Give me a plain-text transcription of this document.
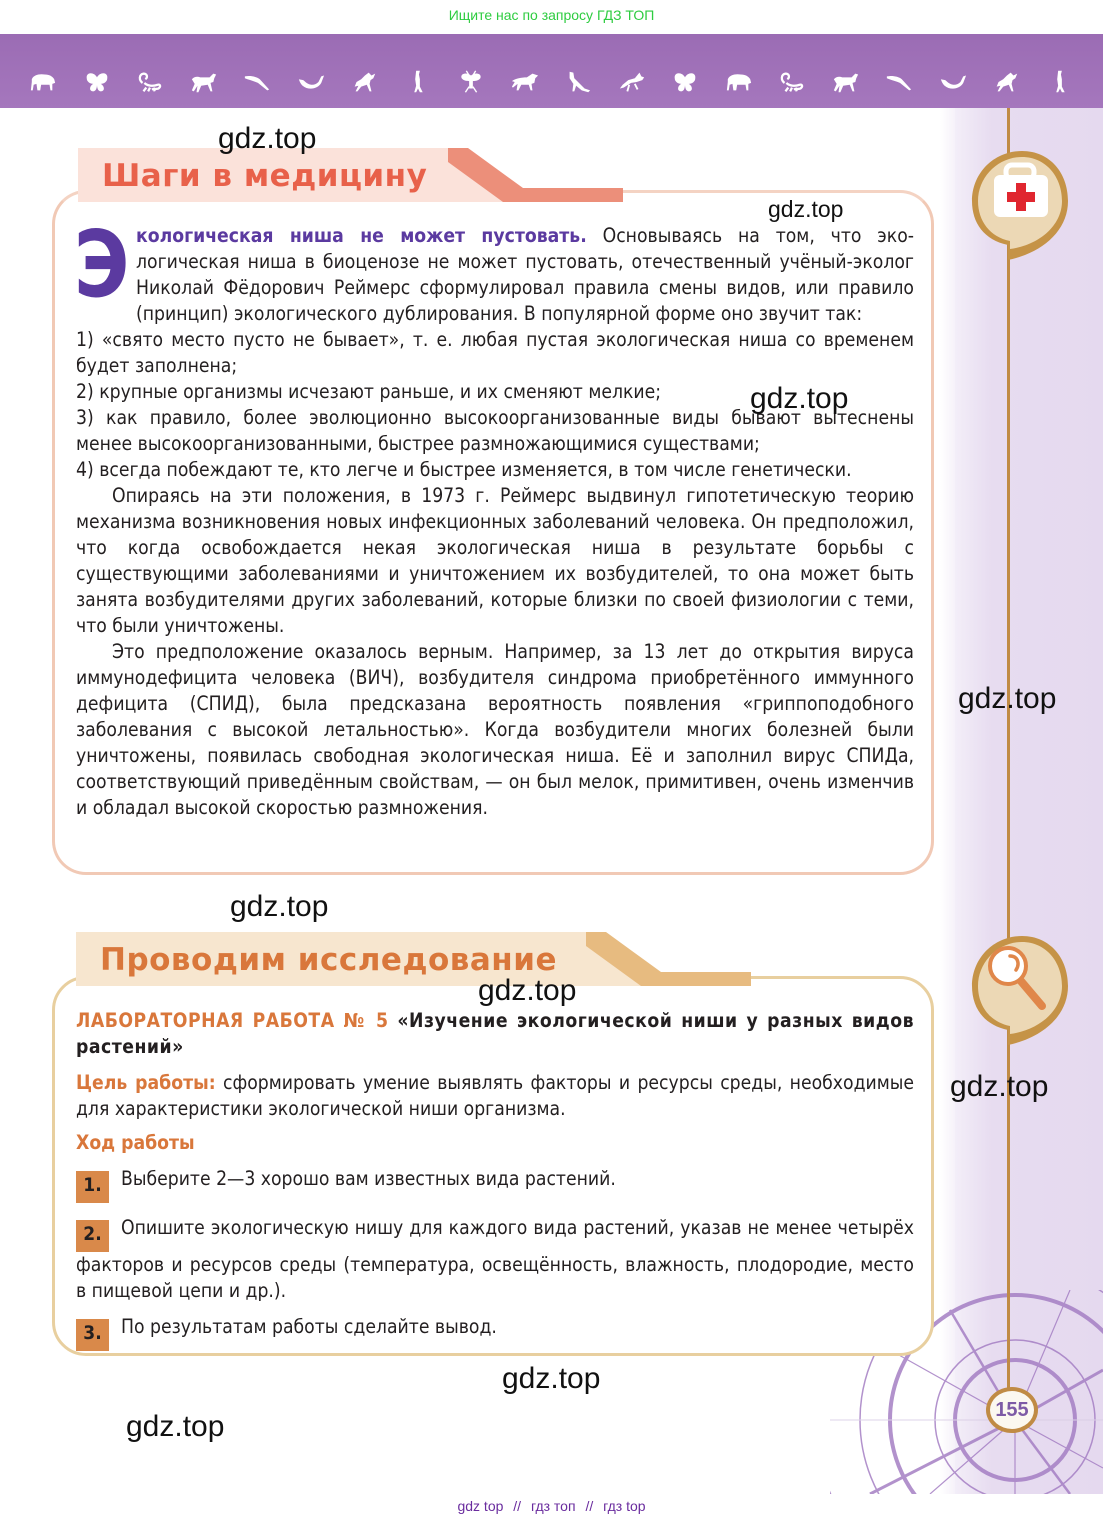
Ищите нас по запросу ГДЗ ТОП
155
Шаги в медицину
Экологическая ниша не может пустовать. Основываясь на том, что экологическая ниша в биоценозе не может пустовать, отечественный учёный-эколог Николай Фёдорович Реймерс сформулировал правила смены видов, или правило (принцип) экологического дублирования. В популярной форме оно звучит так:
1) «свято место пусто не бывает», т. е. любая пустая экологическая ниша со временем будет заполнена;
2) крупные организмы исчезают раньше, и их сменяют мелкие;
3) как правило, более эволюционно высокоорганизованные виды бывают вытеснены менее высокоорганизованными, быстрее размножающимися существами;
4) всегда побеждают те, кто легче и быстрее изменяется, в том числе генетически.
Опираясь на эти положения, в 1973 г. Реймерс выдвинул гипотетическую теорию механизма возникновения новых инфекционных заболеваний человека. Он предположил, что когда освобождается некая экологическая ниша в результате борьбы с существующими заболеваниями и уничтожением их возбудителей, то она может быть занята возбудителями других заболеваний, которые близки по своей физиологии с теми, что были уничтожены.
Это предположение оказалось верным. Например, за 13 лет до открытия вируса иммунодефицита человека (ВИЧ), возбудителя синдрома приобретённого иммунного дефицита (СПИД), была предсказана вероятность появления «гриппоподобного заболевания с высокой летальностью». Когда возбудители многих болезней были уничтожены, появилась свободная экологическая ниша. Её и заполнил вирус СПИДа, соответствующий приведённым свойствам, — он был мелок, примитивен, очень изменчив и обладал высокой скоростью размножения.
Проводим исследование
ЛАБОРАТОРНАЯ РАБОТА № 5 «Изучение экологической ниши у разных видов растений»
Цель работы: сформировать умение выявлять факторы и ресурсы среды, необходимые для характеристики экологической ниши организма.
Ход работы
1. Выберите 2—3 хорошо вам известных вида растений.
2. Опишите экологическую нишу для каждого вида растений, указав не менее четырёх факторов и ресурсов среды (температура, освещённость, влажность, плодородие, место в пищевой цепи и др.).
3. По результатам работы сделайте вывод.
gdz.top
gdz.top
gdz.top
gdz.top
gdz.top
gdz.top
gdz.top
gdz.top
gdz.top
gdz top // гдз топ // гдз top
